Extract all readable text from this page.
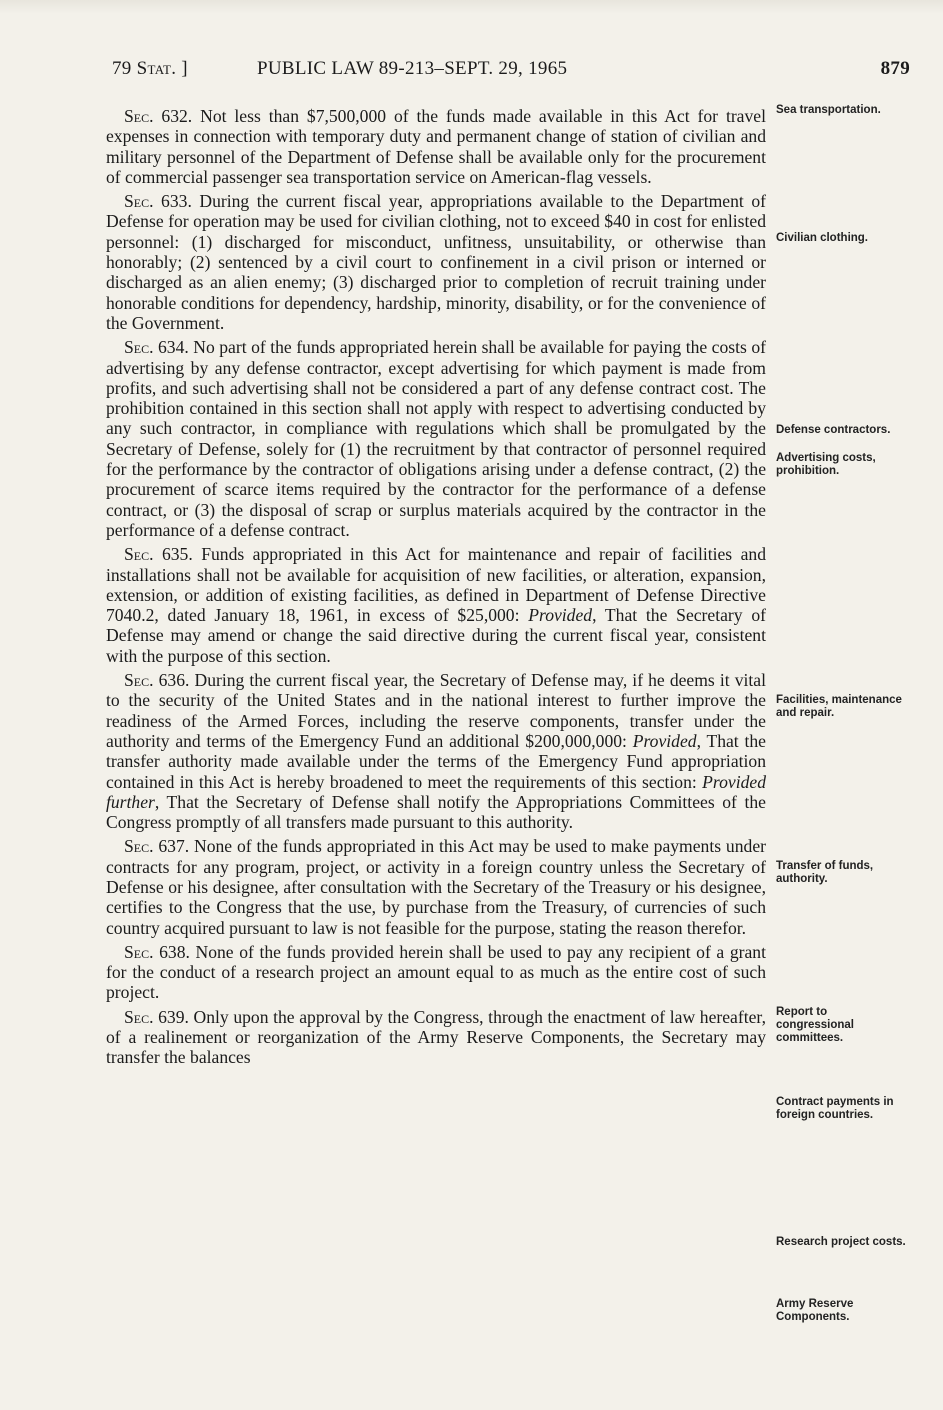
79 Stat. ]	PUBLIC LAW 89-213–SEPT. 29, 1965	879
Sec. 632. Not less than $7,500,000 of the funds made available in this Act for travel expenses in connection with temporary duty and permanent change of station of civilian and military personnel of the Department of Defense shall be available only for the procurement of commercial passenger sea transportation service on American-flag vessels.
Sec. 633. During the current fiscal year, appropriations available to the Department of Defense for operation may be used for civilian clothing, not to exceed $40 in cost for enlisted personnel: (1) discharged for misconduct, unfitness, unsuitability, or otherwise than honorably; (2) sentenced by a civil court to confinement in a civil prison or interned or discharged as an alien enemy; (3) discharged prior to completion of recruit training under honorable conditions for dependency, hardship, minority, disability, or for the convenience of the Government.
Sec. 634. No part of the funds appropriated herein shall be available for paying the costs of advertising by any defense contractor, except advertising for which payment is made from profits, and such advertising shall not be considered a part of any defense contract cost. The prohibition contained in this section shall not apply with respect to advertising conducted by any such contractor, in compliance with regulations which shall be promulgated by the Secretary of Defense, solely for (1) the recruitment by that contractor of personnel required for the performance by the contractor of obligations arising under a defense contract, (2) the procurement of scarce items required by the contractor for the performance of a defense contract, or (3) the disposal of scrap or surplus materials acquired by the contractor in the performance of a defense contract.
Sec. 635. Funds appropriated in this Act for maintenance and repair of facilities and installations shall not be available for acquisition of new facilities, or alteration, expansion, extension, or addition of existing facilities, as defined in Department of Defense Directive 7040.2, dated January 18, 1961, in excess of $25,000: Provided, That the Secretary of Defense may amend or change the said directive during the current fiscal year, consistent with the purpose of this section.
Sec. 636. During the current fiscal year, the Secretary of Defense may, if he deems it vital to the security of the United States and in the national interest to further improve the readiness of the Armed Forces, including the reserve components, transfer under the authority and terms of the Emergency Fund an additional $200,000,000: Provided, That the transfer authority made available under the terms of the Emergency Fund appropriation contained in this Act is hereby broadened to meet the requirements of this section: Provided further, That the Secretary of Defense shall notify the Appropriations Committees of the Congress promptly of all transfers made pursuant to this authority.
Sec. 637. None of the funds appropriated in this Act may be used to make payments under contracts for any program, project, or activity in a foreign country unless the Secretary of Defense or his designee, after consultation with the Secretary of the Treasury or his designee, certifies to the Congress that the use, by purchase from the Treasury, of currencies of such country acquired pursuant to law is not feasible for the purpose, stating the reason therefor.
Sec. 638. None of the funds provided herein shall be used to pay any recipient of a grant for the conduct of a research project an amount equal to as much as the entire cost of such project.
Sec. 639. Only upon the approval by the Congress, through the enactment of law hereafter, of a realinement or reorganization of the Army Reserve Components, the Secretary may transfer the balances
Sea transportation.
Civilian clothing.
Defense contractors.
Advertising costs, prohibition.
Facilities, maintenance and repair.
Transfer of funds, authority.
Report to congressional committees.
Contract payments in foreign countries.
Research project costs.
Army Reserve Components.
